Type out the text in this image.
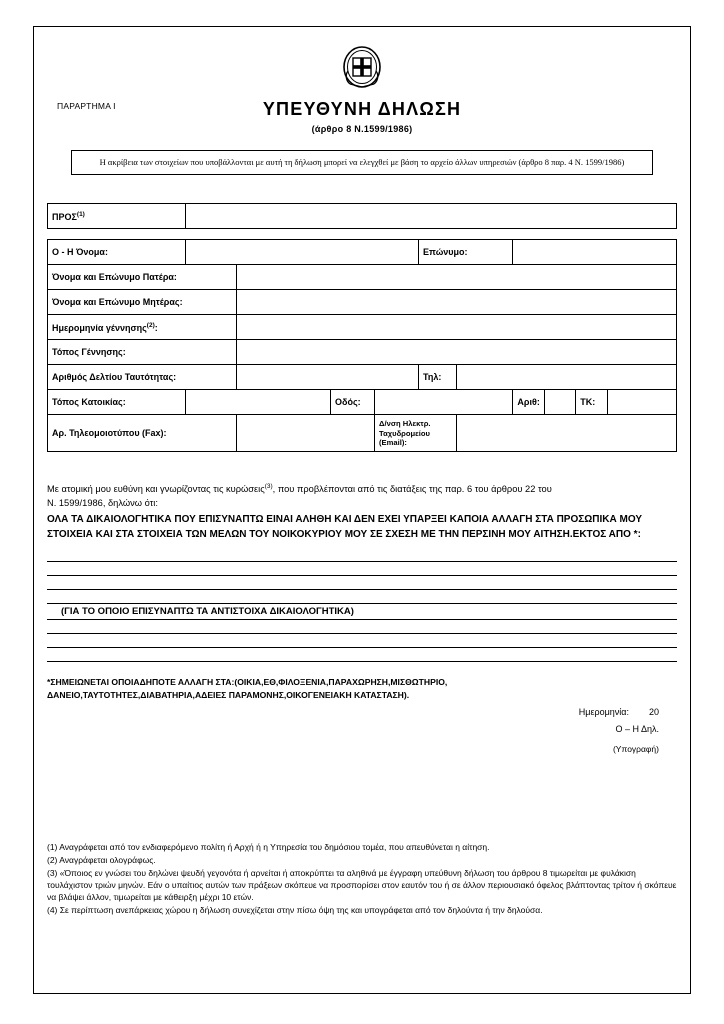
ΠΑΡΑΡΤΗΜΑ Ι	ΥΠΕΥΘΥΝΗ ΔΗΛΩΣΗ
(άρθρο 8 Ν.1599/1986)
Η ακρίβεια των στοιχείων που υποβάλλονται με αυτή τη δήλωση μπορεί να ελεγχθεί με βάση το αρχείο άλλων υπηρεσιών (άρθρο 8 παρ. 4 Ν. 1599/1986)
ΠΡΟΣ$^{(1)}$	

Ο - Η Όνομα:					Επώνυμο:					
Όνομα και Επώνυμο Πατέρα:										
Όνομα και Επώνυμο Μητέρας:										
Ημερομηνία γέννησης$^{(2)}$:										
Τόπος Γέννησης:										
Αριθμός Δελτίου Ταυτότητας:					Τηλ:					
Τόπος Κατοικίας:			Οδός:				Αριθ:		ΤΚ:	
Αρ. Τηλεομοιοτύπου (Fax):				Δ/νση Ηλεκτρ. Ταχυδρομείου (Εmail):						
Με ατομική μου ευθύνη και γνωρίζοντας τις κυρώσεις$^{(3)}$, που προβλέπονται από τις διατάξεις της παρ. 6 του άρθρου 22 του
Ν. 1599/1986, δηλώνω ότι:
ΟΛΑ ΤΑ ΔΙΚΑΙΟΛΟΓΗΤΙΚΑ ΠΟΥ ΕΠΙΣΥΝΑΠΤΩ ΕΙΝΑΙ ΑΛΗΘΗ ΚΑΙ ΔΕΝ ΕΧΕΙ ΥΠΑΡΞΕΙ ΚΑΠΟΙΑ ΑΛΛΑΓΗ ΣΤΑ ΠΡΟΣΩΠΙΚΑ ΜΟΥ ΣΤΟΙΧΕΙΑ ΚΑΙ ΣΤΑ ΣΤΟΙΧΕΙΑ ΤΩΝ ΜΕΛΩΝ ΤΟΥ ΝΟΙΚΟΚΥΡΙΟΥ ΜΟΥ ΣΕ ΣΧΕΣΗ ΜΕ ΤΗΝ ΠΕΡΣΙΝΗ ΜΟΥ ΑΙΤΗΣΗ.ΕΚΤΟΣ ΑΠΟ *:
(ΓΙΑ ΤΟ ΟΠΟΙΟ ΕΠΙΣΥΝΑΠΤΩ ΤΑ ΑΝΤΙΣΤΟΙΧΑ ΔΙΚΑΙΟΛΟΓΗΤΙΚΑ)
*ΣΗΜΕΙΩΝΕΤΑΙ ΟΠΟΙΑΔΗΠΟΤΕ ΑΛΛΑΓΗ ΣΤΑ:(ΟΙΚΙΑ,ΕΘ,ΦΙΛΟΞΕΝΙΑ,ΠΑΡΑΧΩΡΗΣΗ,ΜΙΣΘΩΤΗΡΙΟ,
ΔΑΝΕΙΟ,ΤΑΥΤΟΤΗΤΕΣ,ΔΙΑΒΑΤΗΡΙΑ,ΑΔΕΙΕΣ ΠΑΡΑΜΟΝΗΣ,ΟΙΚΟΓΕΝΕΙΑΚΗ ΚΑΤΑΣΤΑΣΗ).
Ημερομηνία: 20
Ο – Η Δηλ.
(Υπογραφή)

(1) Αναγράφεται από τον ενδιαφερόμενο πολίτη ή Αρχή ή η Υπηρεσία του δημόσιου τομέα, που απευθύνεται η αίτηση.

(2) Αναγράφεται ολογράφως.

(3) «Όποιος εν γνώσει του δηλώνει ψευδή γεγονότα ή αρνείται ή αποκρύπτει τα αληθινά με έγγραφη υπεύθυνη δήλωση του άρθρου 8 τιμωρείται με φυλάκιση τουλάχιστον τριών μηνών. Εάν ο υπαίτιος αυτών των πράξεων σκόπευε να προσπορίσει στον εαυτόν του ή σε άλλον περιουσιακό όφελος βλάπτοντας τρίτον ή σκόπευε να βλάψει άλλον, τιμωρείται με κάθειρξη μέχρι 10 ετών.

(4) Σε περίπτωση ανεπάρκειας χώρου η δήλωση συνεχίζεται στην πίσω όψη της και υπογράφεται από τον δηλούντα ή την δηλούσα.
